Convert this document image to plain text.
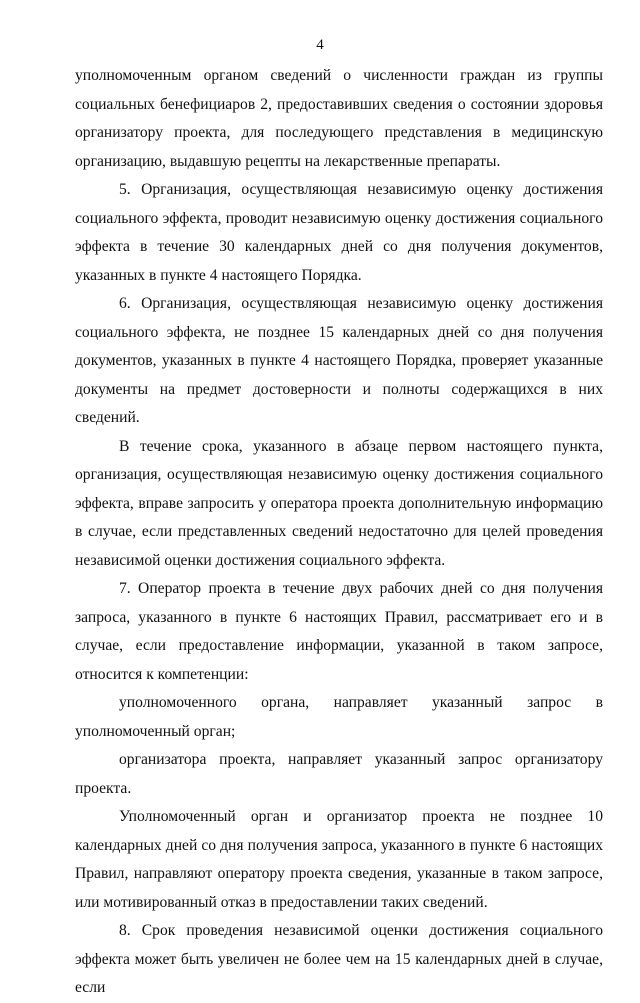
4

уполномоченным органом сведений о численности граждан из группы социальных бенефициаров 2, предоставивших сведения о состоянии здоровья организатору проекта, для последующего представления в медицинскую организацию, выдавшую рецепты на лекарственные препараты.

5. Организация, осуществляющая независимую оценку достижения социального эффекта, проводит независимую оценку достижения социального эффекта в течение 30 календарных дней со дня получения документов, указанных в пункте 4 настоящего Порядка.

6. Организация, осуществляющая независимую оценку достижения социального эффекта, не позднее 15 календарных дней со дня получения документов, указанных в пункте 4 настоящего Порядка, проверяет указанные документы на предмет достоверности и полноты содержащихся в них сведений.

В течение срока, указанного в абзаце первом настоящего пункта, организация, осуществляющая независимую оценку достижения социального эффекта, вправе запросить у оператора проекта дополнительную информацию в случае, если представленных сведений недостаточно для целей проведения независимой оценки достижения социального эффекта.

7. Оператор проекта в течение двух рабочих дней со дня получения запроса, указанного в пункте 6 настоящих Правил, рассматривает его и в случае, если предоставление информации, указанной в таком запросе, относится к компетенции:

уполномоченного органа, направляет указанный запрос в уполномоченный орган;

организатора проекта, направляет указанный запрос организатору проекта.

Уполномоченный орган и организатор проекта не позднее 10 календарных дней со дня получения запроса, указанного в пункте 6 настоящих Правил, направляют оператору проекта сведения, указанные в таком запросе, или мотивированный отказ в предоставлении таких сведений.

8. Срок проведения независимой оценки достижения социального эффекта может быть увеличен не более чем на 15 календарных дней в случае, если
